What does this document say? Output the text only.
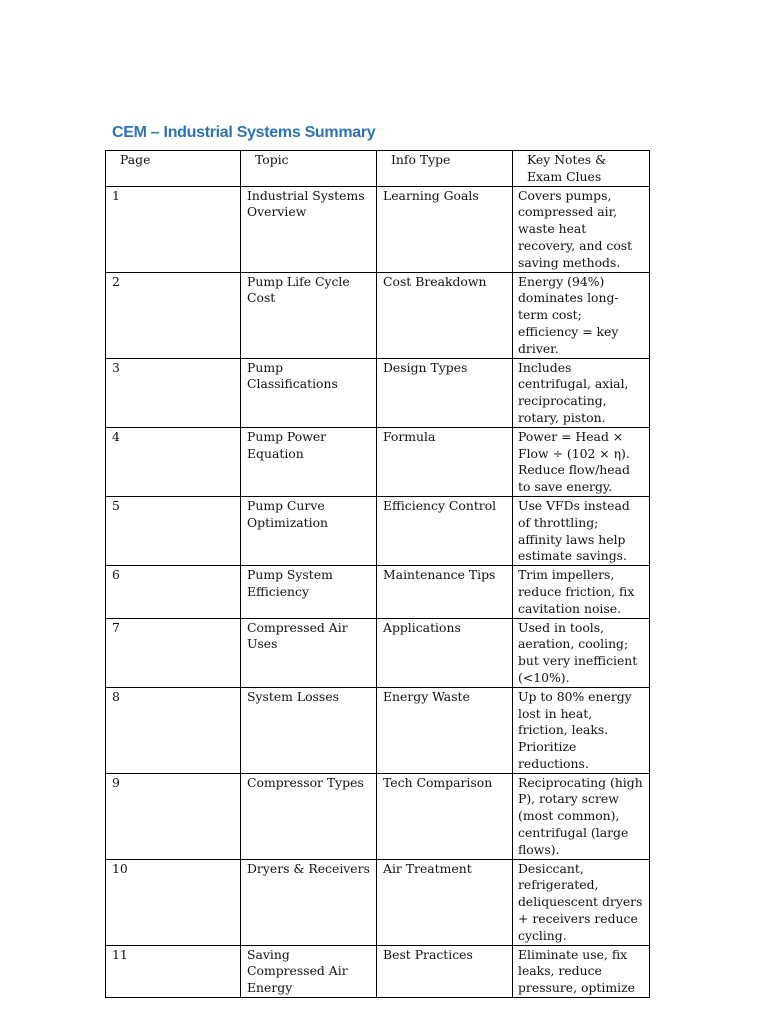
CEM – Industrial Systems Summary
Page	Topic	Info Type	Key Notes & Exam Clues
1	Industrial Systems Overview	Learning Goals	Covers pumps, compressed air, waste heat recovery, and cost saving methods.
2	Pump Life Cycle Cost	Cost Breakdown	Energy (94%) dominates long-term cost; efficiency = key driver.
3	Pump Classifications	Design Types	Includes centrifugal, axial, reciprocating, rotary, piston.
4	Pump Power Equation	Formula	Power = Head × Flow ÷ (102 × η). Reduce flow/head to save energy.
5	Pump Curve Optimization	Efficiency Control	Use VFDs instead of throttling; affinity laws help estimate savings.
6	Pump System Efficiency	Maintenance Tips	Trim impellers, reduce friction, fix cavitation noise.
7	Compressed Air Uses	Applications	Used in tools, aeration, cooling; but very inefficient (<10%).
8	System Losses	Energy Waste	Up to 80% energy lost in heat, friction, leaks. Prioritize reductions.
9	Compressor Types	Tech Comparison	Reciprocating (high P), rotary screw (most common), centrifugal (large flows).
10	Dryers & Receivers	Air Treatment	Desiccant, refrigerated, deliquescent dryers + receivers reduce cycling.
11	Saving Compressed Air Energy	Best Practices	Eliminate use, fix leaks, reduce pressure, optimize
